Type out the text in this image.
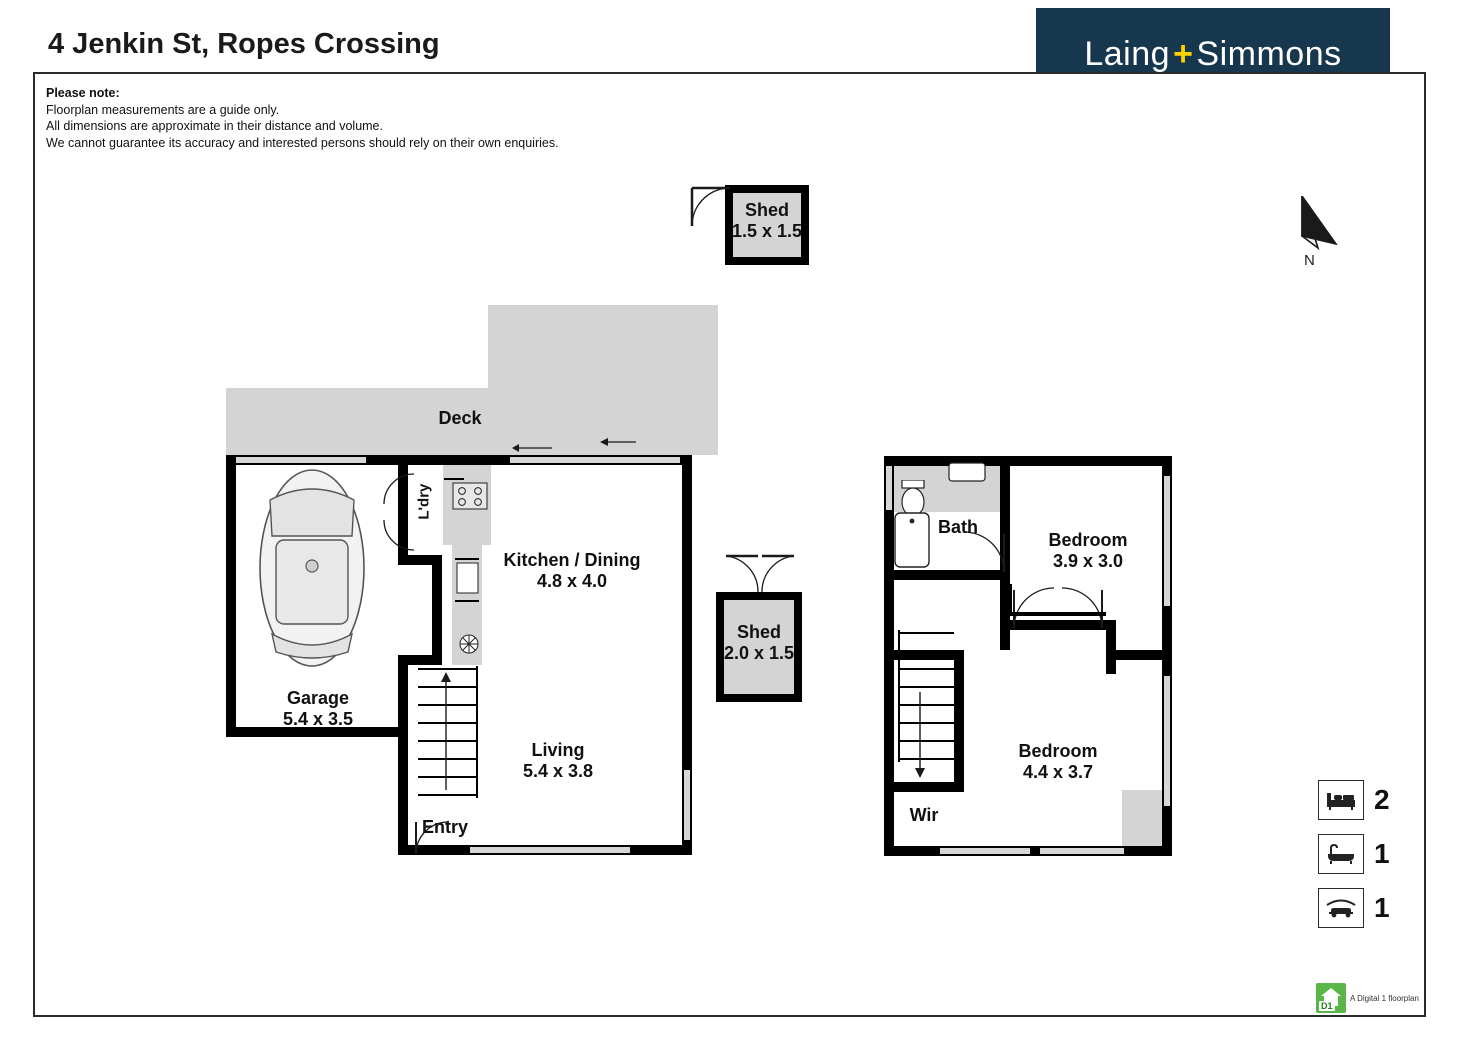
4 Jenkin St, Ropes Crossing	Laing + Simmons
Please note:
Floorplan measurements are a guide only.
All dimensions are approximate in their distance and volume.
We cannot guarantee its accuracy and interested persons should rely on their own enquiries.
N
Shed
1.5 x 1.5
Deck
L'dry
Kitchen / Dining
4.8 x 4.0
Garage
5.4 x 3.5
Living
5.4 x 3.8
Entry
Shed
2.0 x 1.5
Bath
Bedroom
3.9 x 3.0
Bedroom
4.4 x 3.7
Wir	2
1
1
D1
A Digital 1 floorplan
